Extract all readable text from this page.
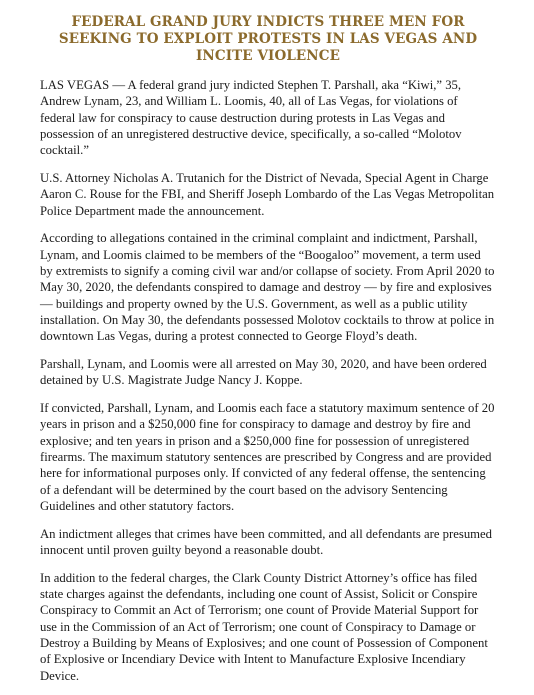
FEDERAL GRAND JURY INDICTS THREE MEN FOR SEEKING TO EXPLOIT PROTESTS IN LAS VEGAS AND INCITE VIOLENCE

LAS VEGAS — A federal grand jury indicted Stephen T. Parshall, aka “Kiwi,” 35, Andrew Lynam, 23, and William L. Loomis, 40, all of Las Vegas, for violations of federal law for conspiracy to cause destruction during protests in Las Vegas and possession of an unregistered destructive device, specifically, a so-called “Molotov cocktail.”

U.S. Attorney Nicholas A. Trutanich for the District of Nevada, Special Agent in Charge Aaron C. Rouse for the FBI, and Sheriff Joseph Lombardo of the Las Vegas Metropolitan Police Department made the announcement.

According to allegations contained in the criminal complaint and indictment, Parshall, Lynam, and Loomis claimed to be members of the “Boogaloo” movement, a term used by extremists to signify a coming civil war and/or collapse of society. From April 2020 to May 30, 2020, the defendants conspired to damage and destroy — by fire and explosives — buildings and property owned by the U.S. Government, as well as a public utility installation. On May 30, the defendants possessed Molotov cocktails to throw at police in downtown Las Vegas, during a protest connected to George Floyd’s death.

Parshall, Lynam, and Loomis were all arrested on May 30, 2020, and have been ordered detained by U.S. Magistrate Judge Nancy J. Koppe.

If convicted, Parshall, Lynam, and Loomis each face a statutory maximum sentence of 20 years in prison and a $250,000 fine for conspiracy to damage and destroy by fire and explosive; and ten years in prison and a $250,000 fine for possession of unregistered firearms. The maximum statutory sentences are prescribed by Congress and are provided here for informational purposes only. If convicted of any federal offense, the sentencing of a defendant will be determined by the court based on the advisory Sentencing Guidelines and other statutory factors.

An indictment alleges that crimes have been committed, and all defendants are presumed innocent until proven guilty beyond a reasonable doubt.

In addition to the federal charges, the Clark County District Attorney’s office has filed state charges against the defendants, including one count of Assist, Solicit or Conspire Conspiracy to Commit an Act of Terrorism; one count of Provide Material Support for use in the Commission of an Act of Terrorism; one count of Conspiracy to Damage or Destroy a Building by Means of Explosives; and one count of Possession of Component of Explosive or Incendiary Device with Intent to Manufacture Explosive Incendiary Device.
